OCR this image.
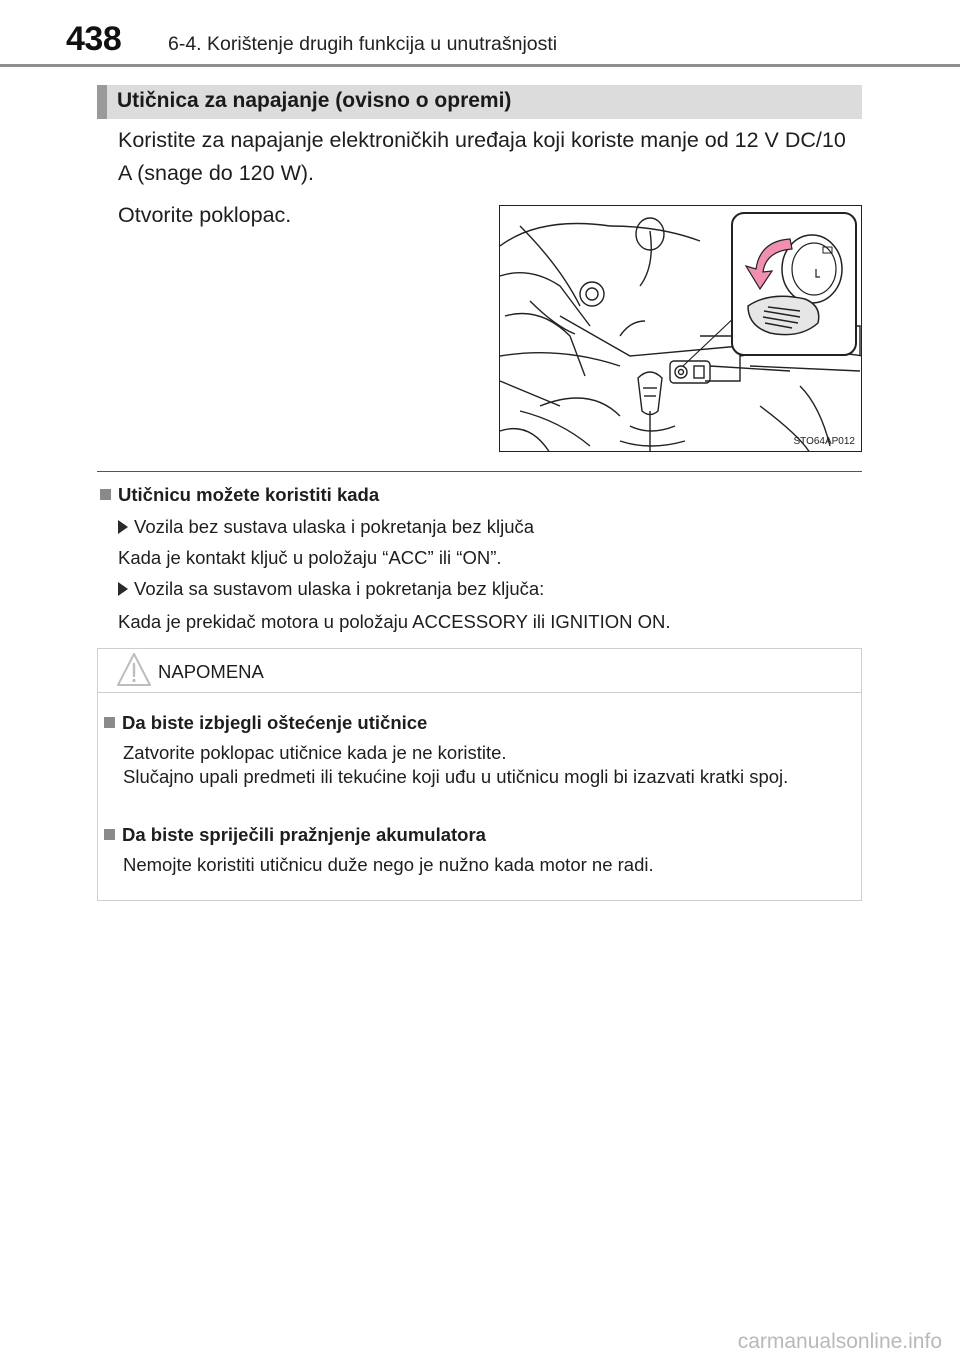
438 6-4. Korištenje drugih funkcija u unutrašnjosti
Utičnica za napajanje (ovisno o opremi)
Koristite za napajanje elektroničkih uređaja koji koriste manje od 12 V DC/10 A (snage do 120 W).
Otvorite poklopac.
STO64AP012
Utičnicu možete koristiti kada
Vozila bez sustava ulaska i pokretanja bez ključa
Kada je kontakt ključ u položaju “ACC” ili “ON”.
Vozila sa sustavom ulaska i pokretanja bez ključa:
Kada je prekidač motora u položaju ACCESSORY ili IGNITION ON.
NAPOMENA
Da biste izbjegli oštećenje utičnice
Zatvorite poklopac utičnice kada je ne koristite.
Slučajno upali predmeti ili tekućine koji uđu u utičnicu mogli bi izazvati kratki spoj.
Da biste spriječili pražnjenje akumulatora
Nemojte koristiti utičnicu duže nego je nužno kada motor ne radi.
carmanualsonline.info
